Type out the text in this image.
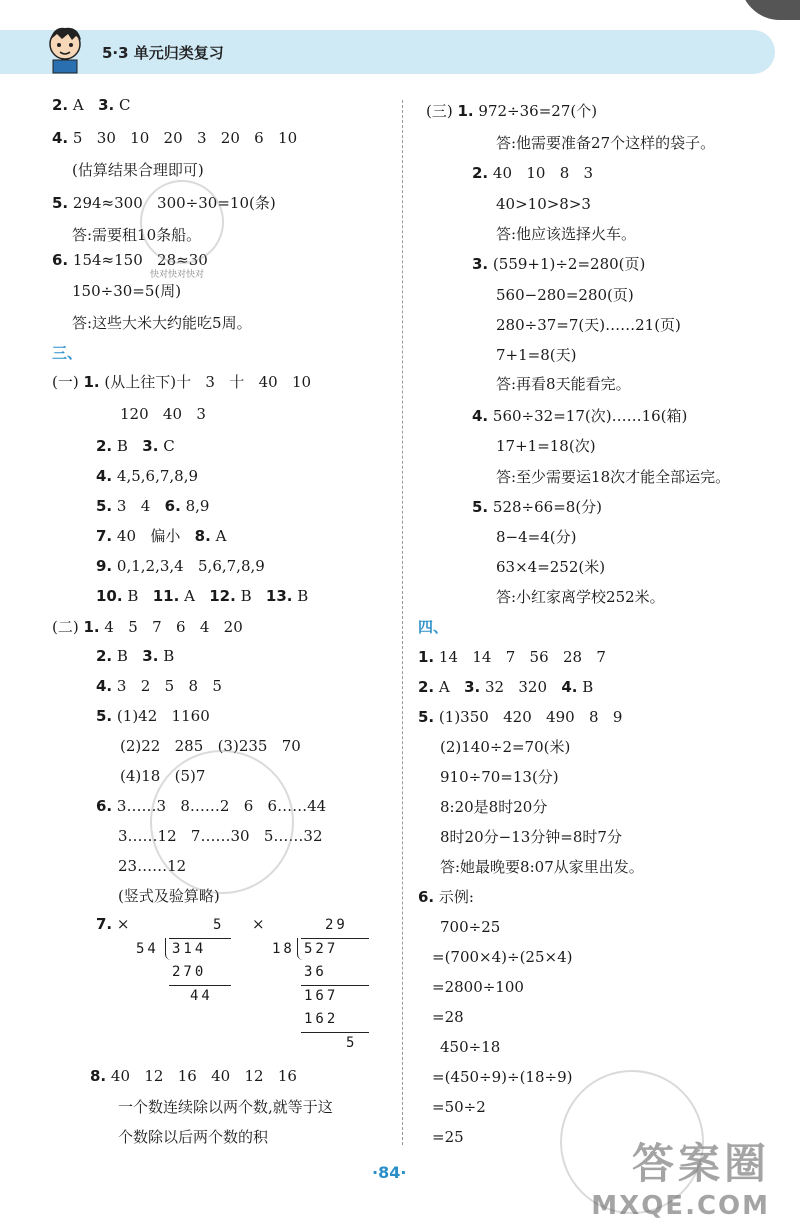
5·3 单元归类复习
2. A   3. C
4. 5   30   10   20   3   20   6   10
(估算结果合理即可)
5. 294≈300   300÷30=10(条)
答:需要租10条船。
6. 154≈150   28≈30
150÷30=5(周)
答:这些大米大约能吃5周。
三、
(一) 1. (从上往下)十   3   十   40   10
120   40   3
2. B   3. C
4. 4,5,6,7,8,9
5. 3   4   6. 8,9
7. 40   偏小   8. A
9. 0,1,2,3,4   5,6,7,8,9
10. B   11. A   12. B   13. B
(二) 1. 4   5   7   6   4   20
2. B   3. B
4. 3   2   5   8   5
5. (1)42   1160
(2)22   285   (3)235   70
(4)18   (5)7
6. 3……3   8……2   6   6……44
3……12   7……30   5……32
23……12
(竖式及验算略)
7. ×	×
5
54 314
270
44
29
18 527
36
167
162
5
8. 40   12   16   40   12   16
一个数连续除以两个数,就等于这
个数除以后两个数的积
(三) 1. 972÷36=27(个)
答:他需要准备27个这样的袋子。
2. 40   10   8   3
40>10>8>3
答:他应该选择火车。
3. (559+1)÷2=280(页)
560−280=280(页)
280÷37=7(天)……21(页)
7+1=8(天)
答:再看8天能看完。
4. 560÷32=17(次)……16(箱)
17+1=18(次)
答:至少需要运18次才能全部运完。
5. 528÷66=8(分)
8−4=4(分)
63×4=252(米)
答:小红家离学校252米。
四、
1. 14   14   7   56   28   7
2. A   3. 32   320   4. B
5. (1)350   420   490   8   9
(2)140÷2=70(米)
910÷70=13(分)
8:20是8时20分
8时20分−13分钟=8时7分
答:她最晚要8:07从家里出发。
6. 示例:
700÷25
=(700×4)÷(25×4)
=2800÷100
=28
450÷18
=(450÷9)÷(18÷9)
=50÷2
=25
快对快对快对
·84·	答案圈
MXQE.COM
